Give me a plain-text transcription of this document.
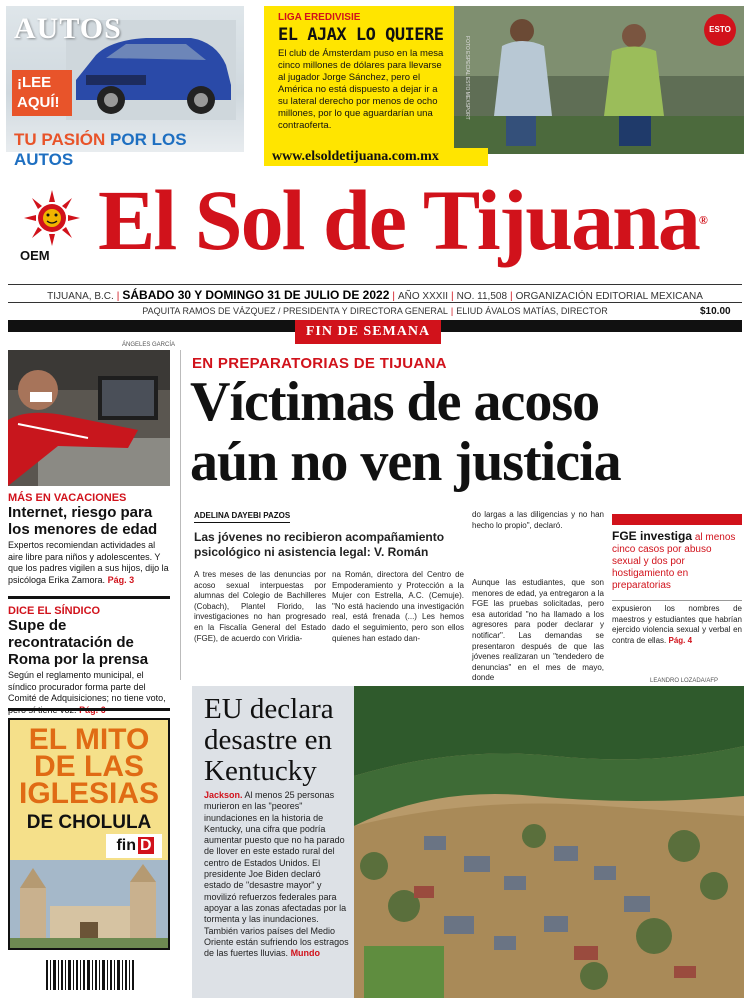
AUTOS
¡LEE AQUÍ!
TU PASIÓN POR LOS AUTOS
FOTO ESPECIAL ESTO MEXSPORT
LIGA EREDIVISIE
EL AJAX LO QUIERE
El club de Ámsterdam puso en la mesa cinco millones de dólares para llevarse al jugador Jorge Sánchez, pero el América no está dispuesto a dejar ir a su lateral derecho por menos de ocho millones, por lo que aguardarían una contraoferta.
ESTO
www.elsoldetijuana.com.mx
OEM El Sol de Tijuana®
TIJUANA, B.C. | SÁBADO 30 Y DOMINGO 31 DE JULIO DE 2022 | AÑO XXXII | NO. 11,508 | ORGANIZACIÓN EDITORIAL MEXICANA
PAQUITA RAMOS DE VÁZQUEZ / PRESIDENTA Y DIRECTORA GENERAL | ELIUD ÁVALOS MATÍAS, DIRECTOR	$10.00
FIN DE SEMANA
ÁNGELES GARCÍA
MÁS EN VACACIONES
Internet, riesgo para los menores de edad
Expertos recomiendan actividades al aire libre para niños y adolescentes. Y que los padres vigilen a sus hijos, dijo la psicóloga Erika Zamora. Pág. 3
DICE EL SÍNDICO
Supe de recontratación de Roma por la prensa
Según el reglamento municipal, el síndico procurador forma parte del Comité de Adquisiciones; no tiene voto,
EL MITO DE LAS IGLESIAS
DE CHOLULA
fin D
EN PREPARATORIAS DE TIJUANA
Víctimas de acoso
aún no ven justicia
ADELINA DAYEBI PAZOS
Las jóvenes no recibieron acompañamiento psicológico ni asistencia legal: V. Román
A tres meses de las denuncias por acoso sexual interpuestas por alumnas del Colegio de Bachilleres (Cobach), Plantel Florido, las investigaciones no han progresado en la Fiscalía General del Estado (FGE), de acuerdo con Viridia-
na Román, directora del Centro de Empoderamiento y Protección a la Mujer con Estrella, A.C. (Cemuje). "No está haciendo una investigación real, está frenada (...) Les hemos dado el seguimiento, pero son ellos quienes han estado dan-
do largas a las diligencias y no han hecho lo propio", declaró.
Aunque las estudiantes, que son menores de edad, ya entregaron a la FGE las pruebas solicitadas, pero esa autoridad "no ha llamado a los agresores para poder declarar y notificar". Las demandas se presentaron después de que las jóvenes realizaran un "tendedero de denuncias" en el mes de mayo, donde
FGE investiga al menos cinco casos por abuso sexual y dos por hostigamiento en preparatorias
expusieron los nombres de maestros y estudiantes que habrían ejercido violencia sexual y verbal en contra de ellas. Pág. 4
EU declara desastre en Kentucky
Jackson. Al menos 25 personas murieron en las "peores" inundaciones en la historia de Kentucky, una cifra que podría aumentar puesto que no ha parado de llover en este estado rural del centro de Estados Unidos. El presidente Joe Biden declaró estado de "desastre mayor" y movilizó refuerzos federales para apoyar a las zonas afectadas por la tormenta y las inundaciones. También varios países del Medio Oriente están sufriendo los estragos de las fuertes lluvias. Mundo
LEANDRO LOZADA/AFP
